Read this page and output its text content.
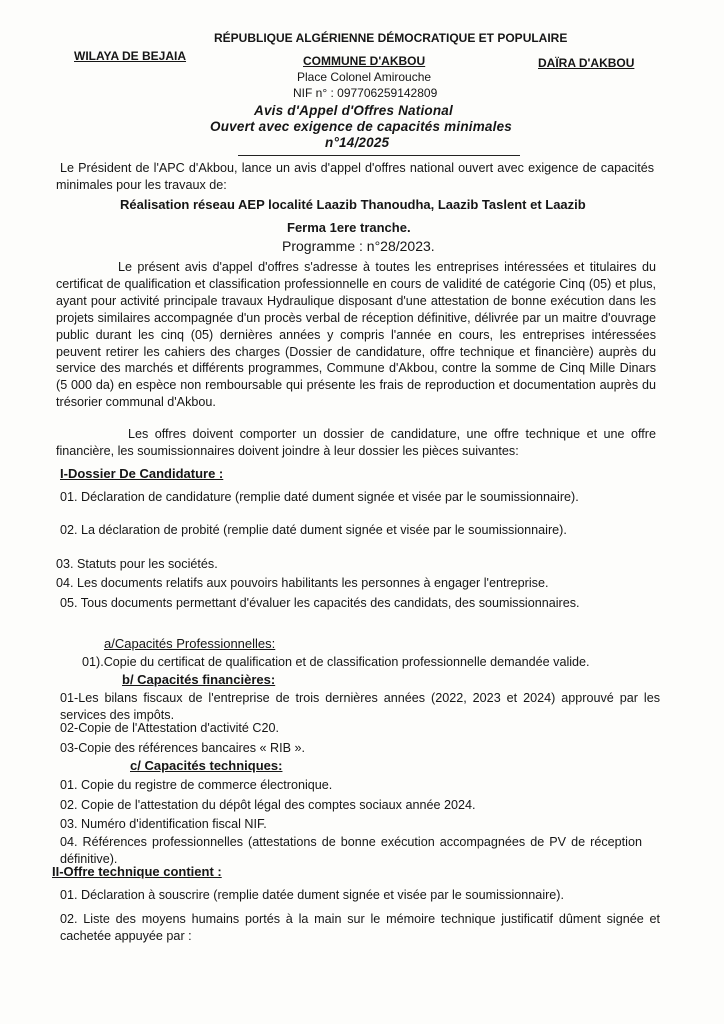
RÉPUBLIQUE ALGÉRIENNE DÉMOCRATIQUE ET POPULAIRE
WILAYA DE BEJAIA	COMMUNE D'AKBOU	DAÏRA D'AKBOU
Place Colonel Amirouche
NIF n° : 097706259142809
Avis d'Appel d'Offres National
Ouvert avec exigence de capacités minimales
n°14/2025
Le Président de l'APC d'Akbou, lance un avis d'appel d'offres national ouvert avec exigence de capacités minimales pour les travaux de:
Réalisation réseau AEP localité Laazib Thanoudha, Laazib Taslent et Laazib
Ferma 1ere tranche.
Programme : n°28/2023.
Le présent avis d'appel d'offres s'adresse à toutes les entreprises intéressées et titulaires du certificat de qualification et classification professionnelle en cours de validité de catégorie Cinq (05) et plus, ayant pour activité principale travaux Hydraulique disposant d'une attestation de bonne exécution dans les projets similaires accompagnée d'un procès verbal de réception définitive, délivrée par un maitre d'ouvrage public durant les cinq (05) dernières années y compris l'année en cours, les entreprises intéressées peuvent retirer les cahiers des charges (Dossier de candidature, offre technique et financière) auprès du service des marchés et différents programmes, Commune d'Akbou, contre la somme de Cinq Mille Dinars (5 000 da) en espèce non remboursable qui présente les frais de reproduction et documentation auprès du trésorier communal d'Akbou.
Les offres doivent comporter un dossier de candidature, une offre technique et une offre financière, les soumissionnaires doivent joindre à leur dossier les pièces suivantes:
I-Dossier De Candidature :
01. Déclaration de candidature (remplie daté dument signée et visée par le soumissionnaire).
02. La déclaration de probité (remplie daté dument signée et visée par le soumissionnaire).
03. Statuts pour les sociétés.
04. Les documents relatifs aux pouvoirs habilitants les personnes à engager l'entreprise.
05. Tous documents permettant d'évaluer les capacités des candidats, des soumissionnaires.
a/Capacités Professionnelles:
01).Copie du certificat de qualification et de classification professionnelle demandée valide.
b/ Capacités financières:
01-Les bilans fiscaux de l'entreprise de trois dernières années (2022, 2023 et 2024) approuvé par les services des impôts.
02-Copie de l'Attestation d'activité C20.
03-Copie des références bancaires « RIB ».
c/ Capacités techniques:
01. Copie du registre de commerce électronique.
02. Copie de l'attestation du dépôt légal des comptes sociaux année 2024.
03. Numéro d'identification fiscal NIF.
04. Références professionnelles (attestations de bonne exécution accompagnées de PV de réception définitive).
II-Offre technique contient :
01. Déclaration à souscrire (remplie datée dument signée et visée par le soumissionnaire).
02. Liste des moyens humains portés à la main sur le mémoire technique justificatif dûment signée et cachetée appuyée par :
